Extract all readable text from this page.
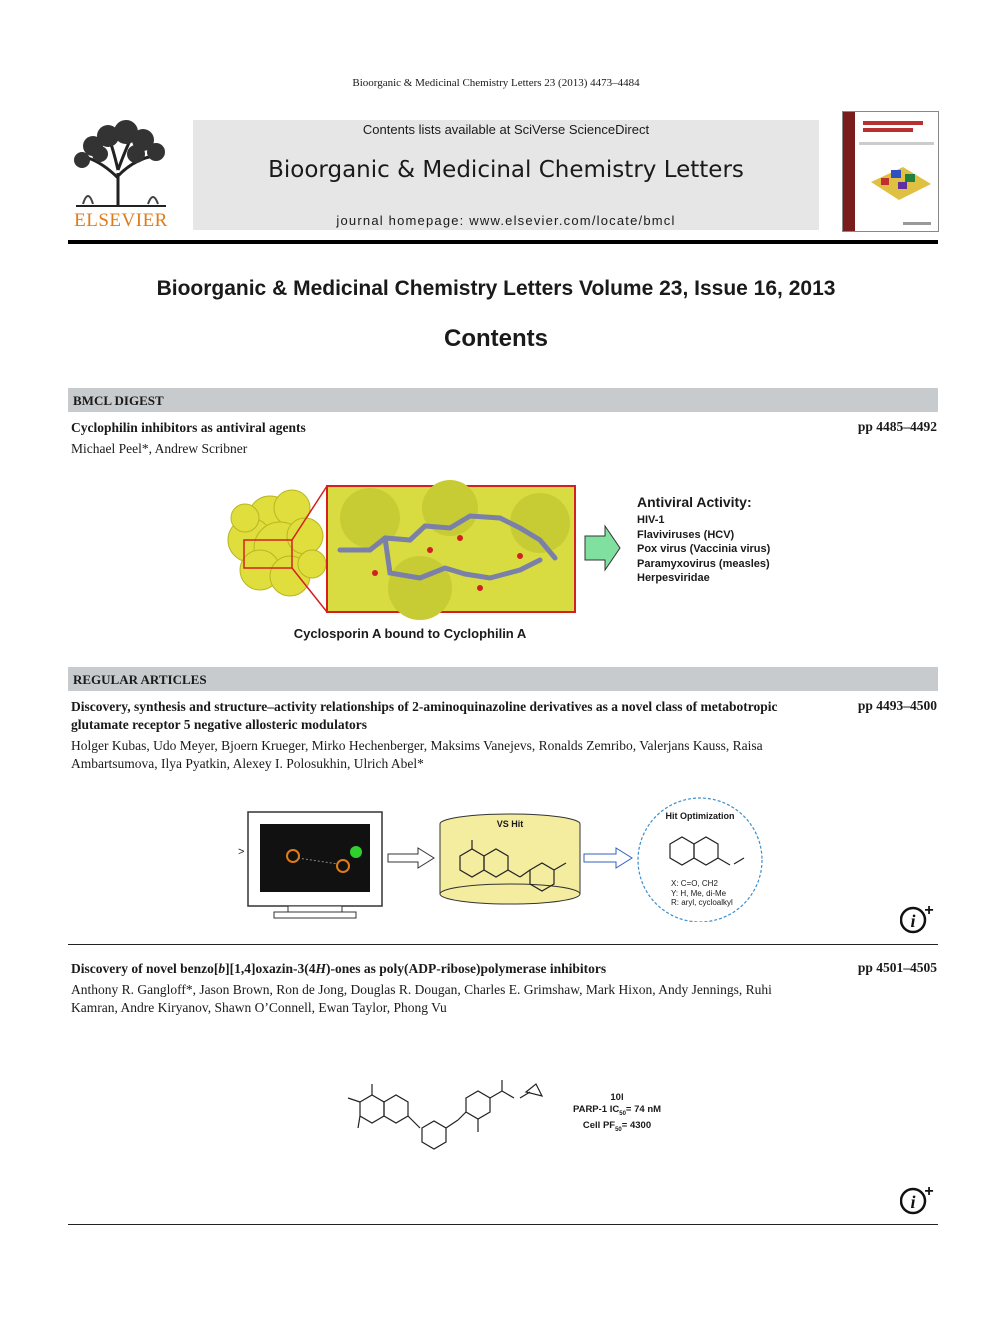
Bioorganic & Medicinal Chemistry Letters 23 (2013) 4473–4484
ELSEVIER
Contents lists available at SciVerse ScienceDirect
Bioorganic & Medicinal Chemistry Letters
journal homepage: www.elsevier.com/locate/bmcl
Bioorganic & Medicinal Chemistry Letters Volume 23, Issue 16, 2013
Contents
BMCL DIGEST
Cyclophilin inhibitors as antiviral agents	pp 4485–4492
Michael Peel*, Andrew Scribner
Cyclosporin A bound to Cyclophilin A
Antiviral Activity:
HIV-1
Flaviviruses (HCV)
Pox virus (Vaccinia virus)
Paramyxovirus (measles)
Herpesviridae
REGULAR ARTICLES
Discovery, synthesis and structure–activity relationships of 2-aminoquinazoline derivatives as a novel class of metabotropic glutamate receptor 5 negative allosteric modulators
pp 4493–4500
Holger Kubas, Udo Meyer, Bjoern Krueger, Mirko Hechenberger, Maksims Vanejevs, Ronalds Zemribo, Valerjans Kauss, Raisa Ambartsumova, Ilya Pyatkin, Alexey I. Polosukhin, Ulrich Abel*
>
VS Hit
Hit Optimization
X: C=O, CH2
Y: H, Me, di-Me
R: aryl, cycloalkyl
i
+
Discovery of novel benzo[b][1,4]oxazin-3(4H)-ones as poly(ADP-ribose)polymerase inhibitors	pp 4501–4505
Anthony R. Gangloff*, Jason Brown, Ron de Jong, Douglas R. Dougan, Charles E. Grimshaw, Mark Hixon, Andy Jennings, Ruhi Kamran, Andre Kiryanov, Shawn O’Connell, Ewan Taylor, Phong Vu
10l
PARP-1 $IC_{50}= 74$ nM
Cell $PF_{50}= 4300$
i
+
